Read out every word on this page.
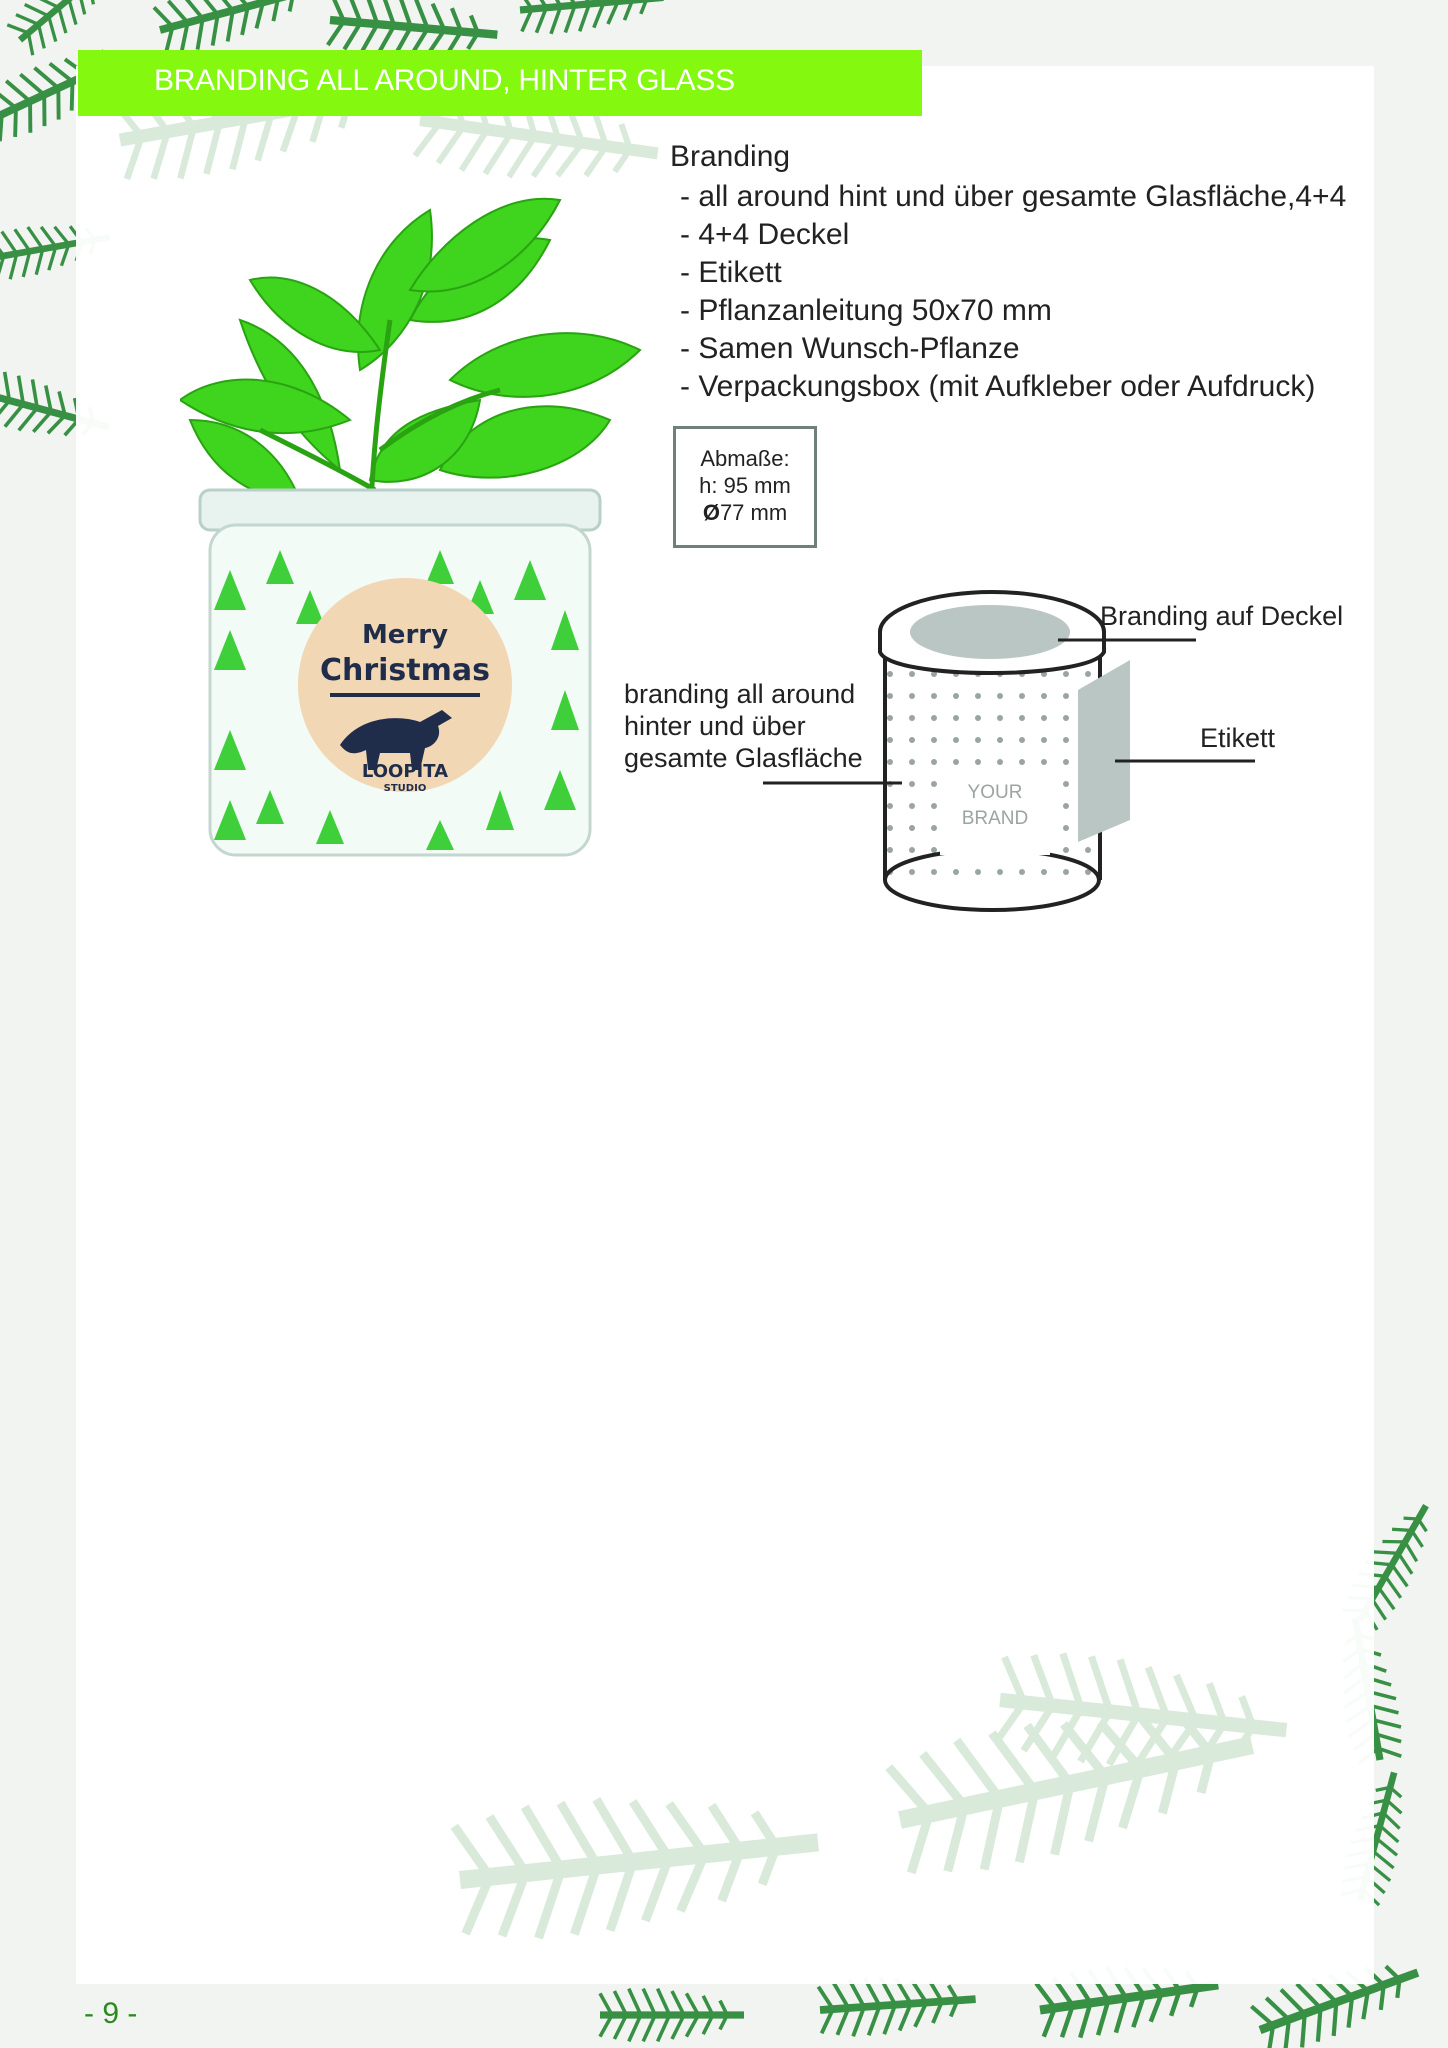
BRANDING ALL AROUND, HINTER GLASS
Merry
Christmas
LOOPITA
STUDIO
Branding
- all around hint und über gesamte Glasfläche,4+4
- 4+4 Deckel
- Etikett
- Pflanzanleitung 50x70 mm
- Samen Wunsch-Pflanze
- Verpackungsbox (mit Aufkleber oder Aufdruck)
Abmaße:
h: 95 mm
Ø77 mm
YOUR
BRAND
Branding auf Deckel
Etikett
branding all around
hinter und über
gesamte Glasfläche
- 9 -
